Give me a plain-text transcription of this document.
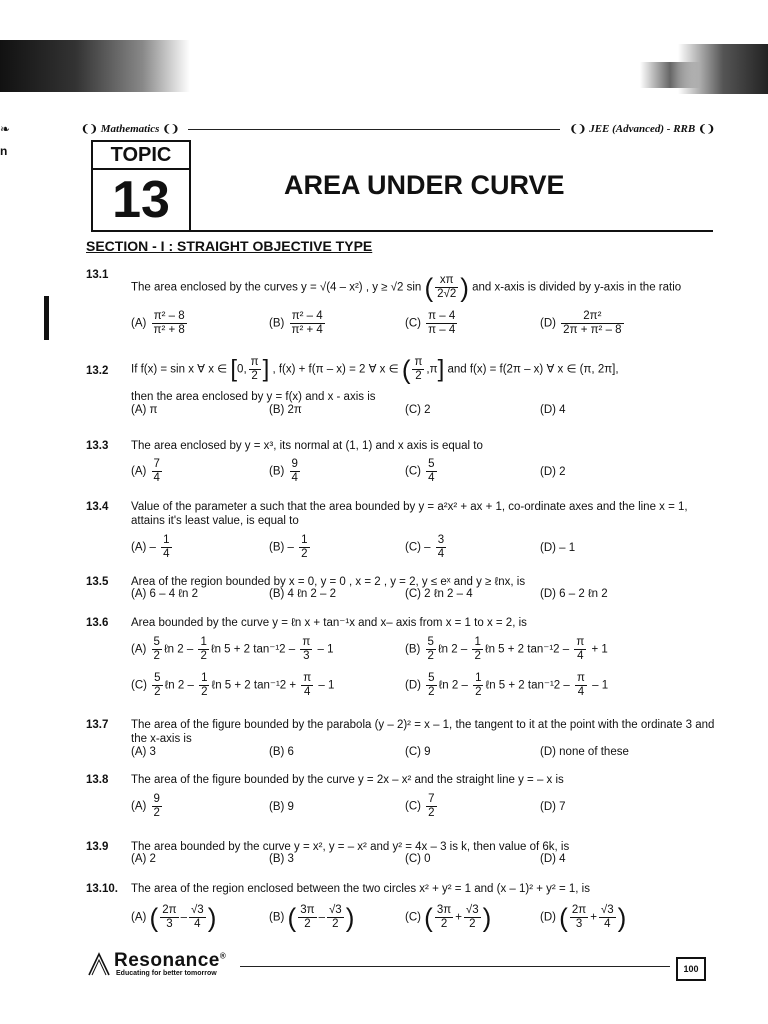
❧
n
❨❩ Mathematics ❨❩	❨❩ JEE (Advanced) - RRB ❨❩
TOPIC
13	AREA UNDER CURVE
SECTION - I : STRAIGHT OBJECTIVE TYPE
13.1
The area enclosed by the curves y = √(4 – x²) , y ≥ √2 sin ( $\frac{x\pi}{2√2}$ ) and x-axis is divided by y-axis in the ratio
$(A) \frac{\text{π² – 8}}{\text{π² + 8}}$	$(B) \frac{\text{π² – 4}}{\text{π² + 4}}$	$(C) \frac{\pi - 4}{\pi - 4}$	$(D) \frac{\text{2π²}}{\text{2π + π² – 8}}$
13.2	If f(x) = sin x ∀ x ∈ [0, $\frac{\pi}{2}$ ] , f(x) + f(π – x) = 2 ∀ x ∈ ( $\frac{\pi}{2} ,\pi$] and f(x) = f(2π – x) ∀ x ∈ (π, 2π],
then the area enclosed by y = f(x) and x - axis is
(A) π	(B) 2π	(C) 2	(D) 4
13.3	The area enclosed by y = x³, its normal at (1, 1) and x axis is equal to
$(A) \frac{7}{4}$	$(B) \frac{9}{4}$	$(C) \frac{5}{4}$	(D) 2
13.4	Value of the parameter a such that the area bounded by y = a²x² + ax + 1, co-ordinate axes and the line x = 1, attains it's least value, is equal to
$(A) - \frac{1}{4}$	$(B) - \frac{1}{2}$	$(C) - \frac{3}{4}$	(D) – 1
13.5	Area of the region bounded by x = 0, y = 0 , x = 2 , y = 2, y ≤ eˣ and y ≥ ℓnx, is
(A) 6 – 4 ℓn 2	(B) 4 ℓn 2 – 2	(C) 2 ℓn 2 – 4	(D) 6 – 2 ℓn 2
13.6	Area bounded by the curve y = ℓn x + tan⁻¹x and x– axis from x = 1 to x = 2, is
$(A) \frac{5}{2}$ ℓn $2 - \frac{1}{2}$ ℓn 5 + 2 $\tan^{-1}2 - \frac{\pi}{3} - 1$	$(B) \frac{5}{2}$ ℓn $2 - \frac{1}{2}$ ℓn 5 + 2 $\tan^{-1}2 - \frac{\pi}{4} + 1$
$(C) \frac{5}{2}$ ℓn $2 - \frac{1}{2}$ ℓn 5 + 2 $\tan^{-1}2 + \frac{\pi}{4} - 1$	$(D) \frac{5}{2}$ ℓn $2 - \frac{1}{2}$ ℓn 5 + 2 $\tan^{-1}2 - \frac{\pi}{4} - 1$
13.7	The area of the figure bounded by the parabola (y – 2)² = x – 1, the tangent to it at the point with the ordinate 3 and the x-axis is
(A) 3	(B) 6	(C) 9	(D) none of these
13.8	The area of the figure bounded by the curve y = 2x – x² and the straight line y = – x is
$(A) \frac{9}{2}$	(B) 9	$(C) \frac{7}{2}$	(D) 7
13.9	The area bounded by the curve y = x², y = – x² and y² = 4x – 3 is k, then value of 6k, is
(A) 2	(B) 3	(C) 0	(D) 4
13.10.	The area of the region enclosed between the two circles x² + y² = 1 and (x – 1)² + y² = 1, is
(A) ( $\frac{2\pi}{3} - \frac{√3}{4}$ )	(B) ( $\frac{3\pi}{2} - \frac{√3}{2}$ )	(C) ( $\frac{3\pi}{2} + \frac{√3}{2}$ )	(D) ( $\frac{2\pi}{3} + \frac{√3}{4}$ )
Resonance®
Educating for better tomorrow	100
